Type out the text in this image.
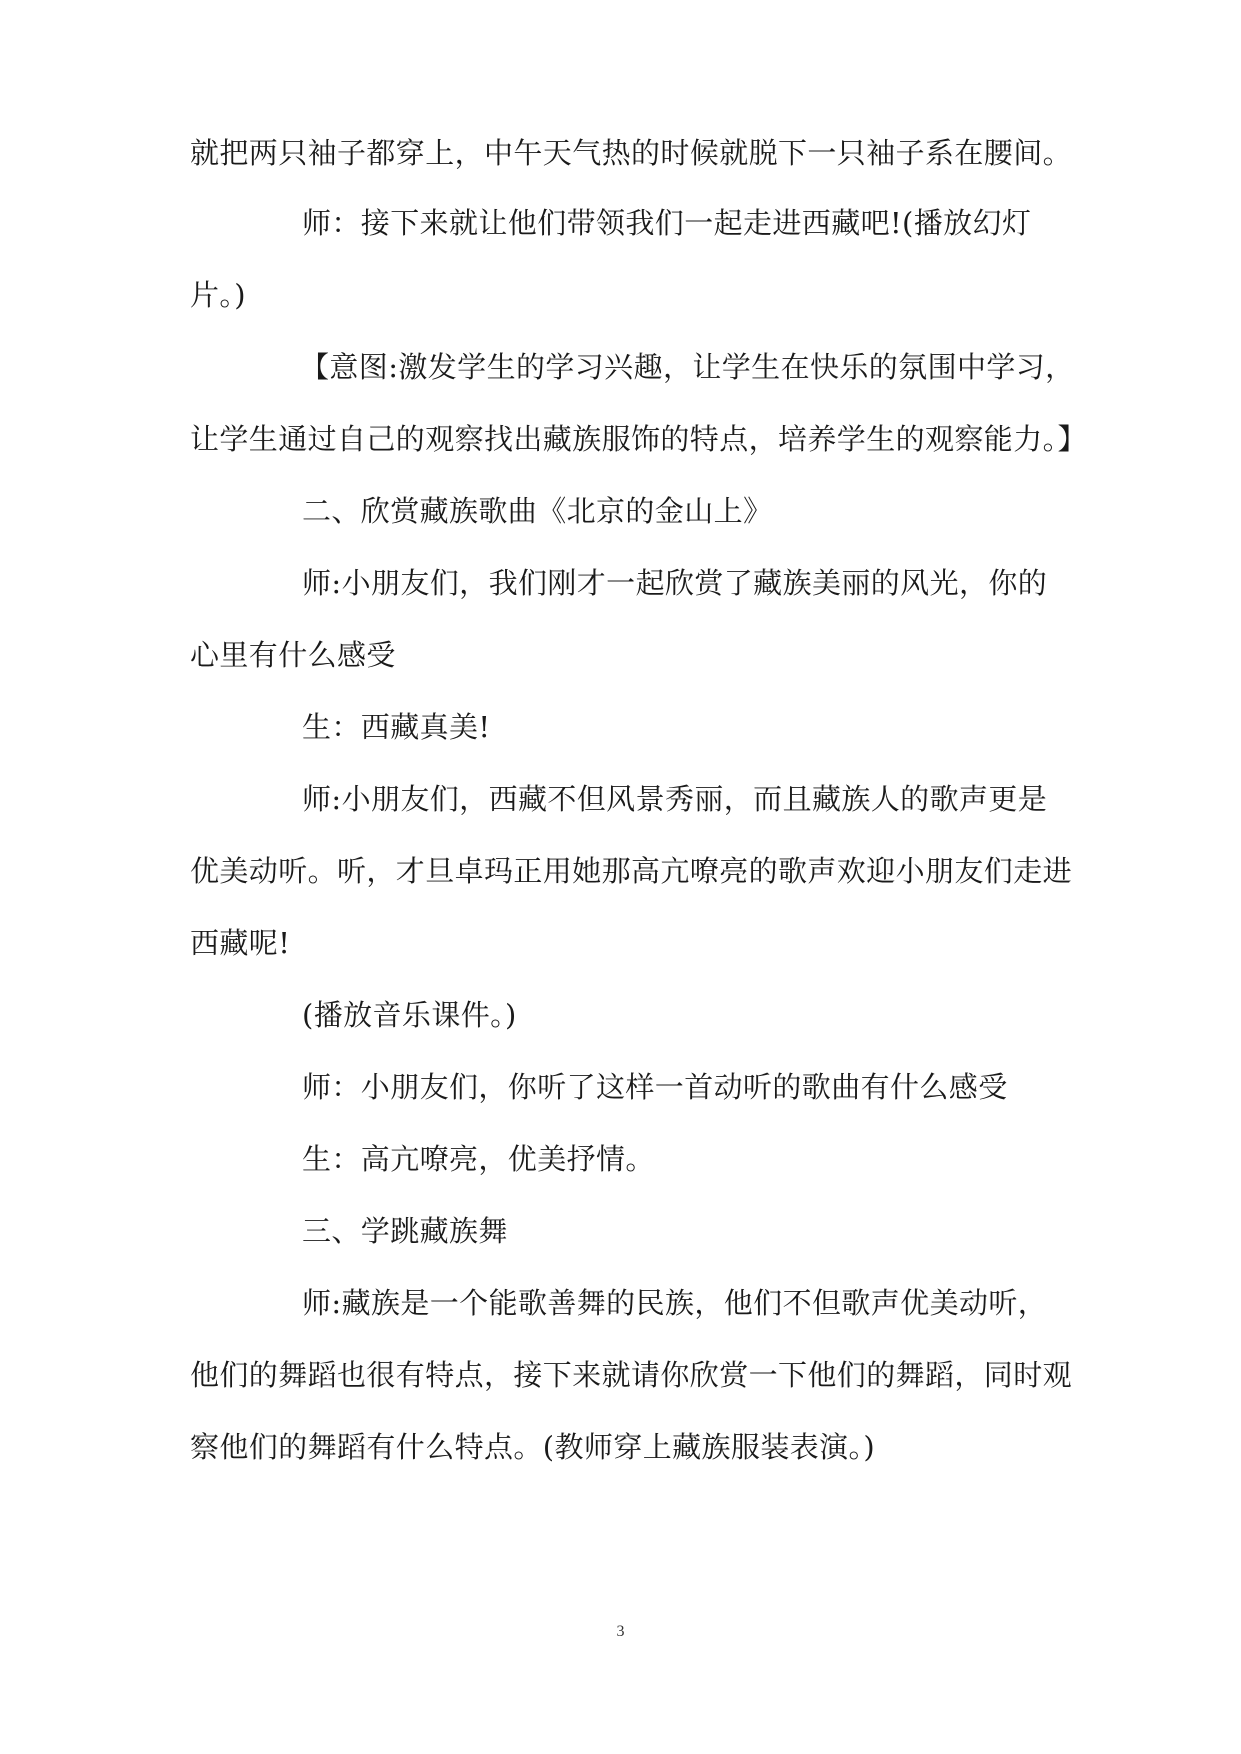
就把两只袖子都穿上，中午天气热的时候就脱下一只袖子系在腰间。
师：接下来就让他们带领我们一起走进西藏吧!(播放幻灯
片。)
【意图:激发学生的学习兴趣，让学生在快乐的氛围中学习，
让学生通过自己的观察找出藏族服饰的特点，培养学生的观察能力。】
二、欣赏藏族歌曲《北京的金山上》
师:小朋友们，我们刚才一起欣赏了藏族美丽的风光，你的
心里有什么感受
生：西藏真美!
师:小朋友们，西藏不但风景秀丽，而且藏族人的歌声更是
优美动听。听，才旦卓玛正用她那高亢嘹亮的歌声欢迎小朋友们走进
西藏呢!
(播放音乐课件。)
师：小朋友们，你听了这样一首动听的歌曲有什么感受
生：高亢嘹亮，优美抒情。
三、学跳藏族舞
师:藏族是一个能歌善舞的民族，他们不但歌声优美动听，
他们的舞蹈也很有特点，接下来就请你欣赏一下他们的舞蹈，同时观
察他们的舞蹈有什么特点。(教师穿上藏族服装表演。)
3
